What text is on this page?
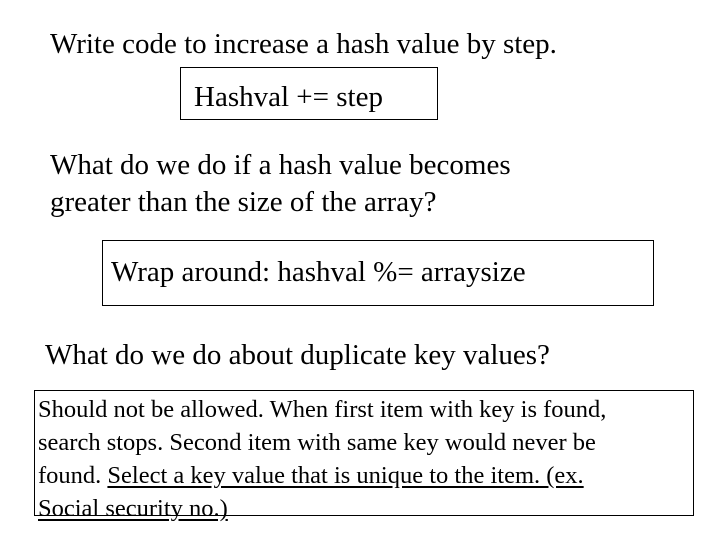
Write code to increase a hash value by step.
Hashval += step
What do we do if a hash value becomes
greater than the size of the array?
Wrap around: hashval %= arraysize
What do we do about duplicate key values?
Should not be allowed. When first item with key is found,
search stops. Second item with same key would never be
found. Select a key value that is unique to the item. (ex.
Social security no.)
